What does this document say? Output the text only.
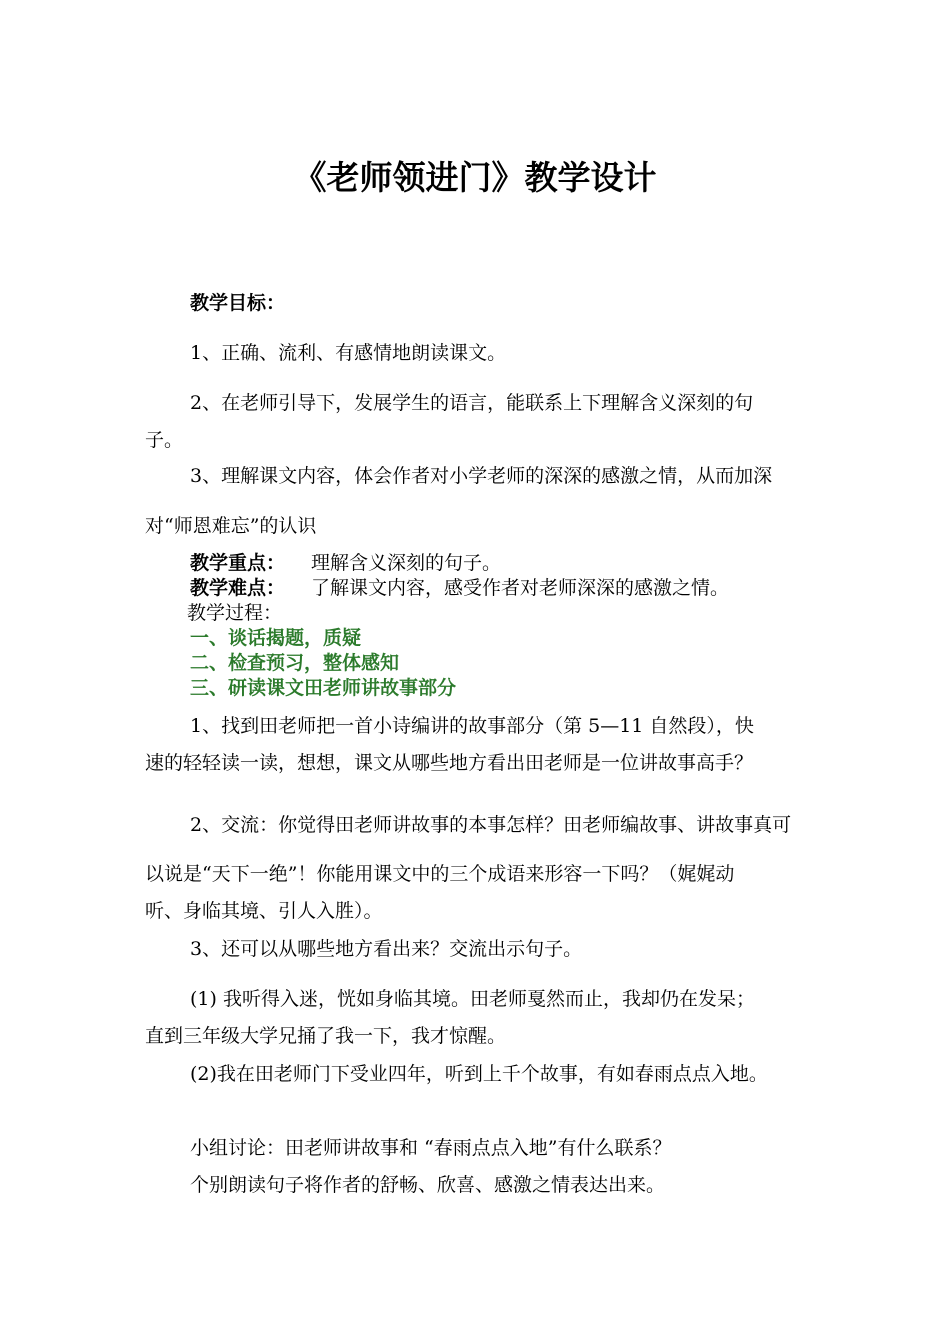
《老师领进门》教学设计
教学目标：
1、正确、流利、有感情地朗读课文。
2、在老师引导下，发展学生的语言，能联系上下理解含义深刻的句
子。
3、理解课文内容，体会作者对小学老师的深深的感激之情，从而加深
对“师恩难忘”的认识
教学重点： 理解含义深刻的句子。
教学难点： 了解课文内容，感受作者对老师深深的感激之情。
教学过程：
一、谈话揭题，质疑
二、检查预习，整体感知
三、研读课文田老师讲故事部分
1、找到田老师把一首小诗编讲的故事部分（第 5—11 自然段），快
速的轻轻读一读，想想，课文从哪些地方看出田老师是一位讲故事高手？
2、交流：你觉得田老师讲故事的本事怎样？田老师编故事、讲故事真可
以说是“天下一绝”！你能用课文中的三个成语来形容一下吗？（娓娓动
听、身临其境、引人入胜）。
3、还可以从哪些地方看出来？交流出示句子。
(1) 我听得入迷，恍如身临其境。田老师戛然而止，我却仍在发呆；
直到三年级大学兄捅了我一下，我才惊醒。
(2)我在田老师门下受业四年，听到上千个故事，有如春雨点点入地。
小组讨论：田老师讲故事和 “春雨点点入地”有什么联系？
个别朗读句子将作者的舒畅、欣喜、感激之情表达出来。
